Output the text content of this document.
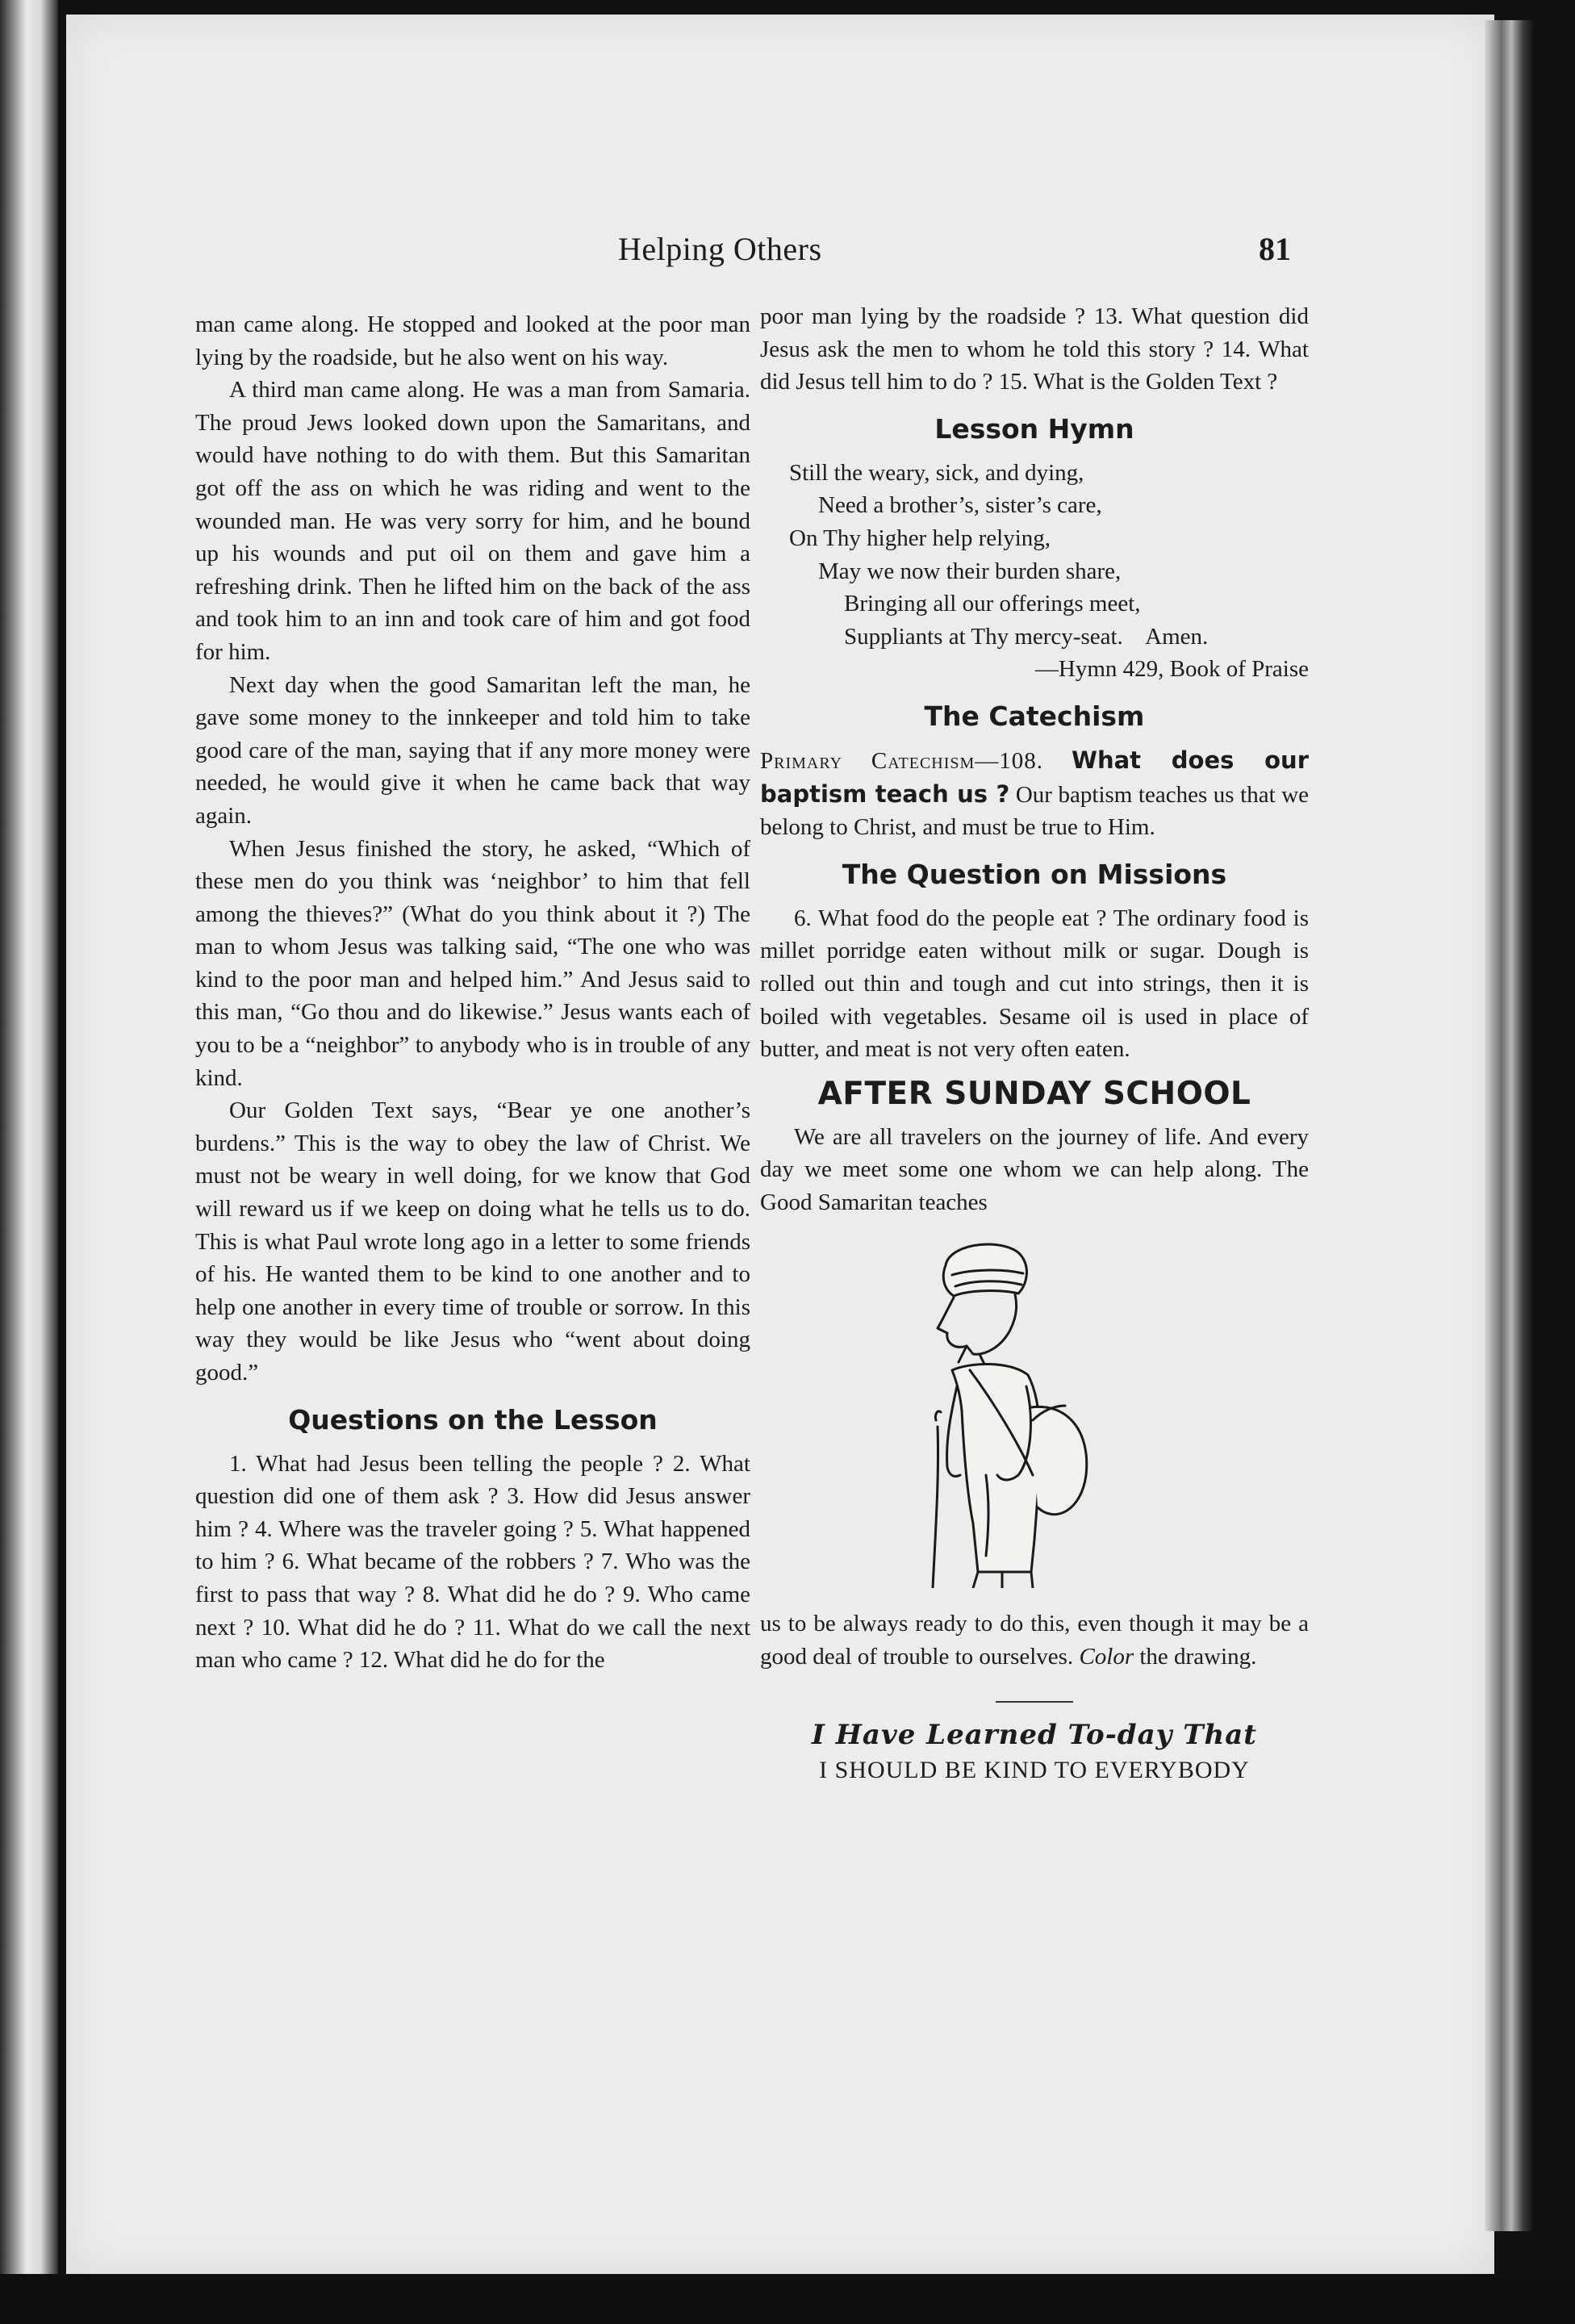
Helping Others	81

man came along. He stopped and looked at the poor man lying by the roadside, but he also went on his way.

A third man came along. He was a man from Samaria. The proud Jews looked down upon the Samaritans, and would have nothing to do with them. But this Samaritan got off the ass on which he was riding and went to the wounded man. He was very sorry for him, and he bound up his wounds and put oil on them and gave him a refreshing drink. Then he lifted him on the back of the ass and took him to an inn and took care of him and got food for him.

Next day when the good Samaritan left the man, he gave some money to the innkeeper and told him to take good care of the man, saying that if any more money were needed, he would give it when he came back that way again.

When Jesus finished the story, he asked, “Which of these men do you think was ‘neighbor’ to him that fell among the thieves?” (What do you think about it ?) The man to whom Jesus was talking said, “The one who was kind to the poor man and helped him.” And Jesus said to this man, “Go thou and do likewise.” Jesus wants each of you to be a “neighbor” to anybody who is in trouble of any kind.

Our Golden Text says, “Bear ye one another’s burdens.” This is the way to obey the law of Christ. We must not be weary in well doing, for we know that God will reward us if we keep on doing what he tells us to do. This is what Paul wrote long ago in a letter to some friends of his. He wanted them to be kind to one another and to help one another in every time of trouble or sorrow. In this way they would be like Jesus who “went about doing good.”

Questions on the Lesson

1. What had Jesus been telling the people ? 2. What question did one of them ask ? 3. How did Jesus answer him ? 4. Where was the traveler going ? 5. What happened to him ? 6. What became of the robbers ? 7. Who was the first to pass that way ? 8. What did he do ? 9. Who came next ? 10. What did he do ? 11. What do we call the next man who came ? 12. What did he do for the

poor man lying by the roadside ? 13. What question did Jesus ask the men to whom he told this story ? 14. What did Jesus tell him to do ? 15. What is the Golden Text ?

Lesson Hymn
Still the weary, sick, and dying,
Need a brother’s, sister’s care,
On Thy higher help relying,
May we now their burden share,
Bringing all our offerings meet,
Suppliants at Thy mercy-seat.    Amen.
—Hymn 429, Book of Praise
The Catechism

Primary Catechism—108. What does our baptism teach us ? Our baptism teaches us that we belong to Christ, and must be true to Him.

The Question on Missions

6. What food do the people eat ? The ordinary food is millet porridge eaten without milk or sugar. Dough is rolled out thin and tough and cut into strings, then it is boiled with vegetables. Sesame oil is used in place of butter, and meat is not very often eaten.

AFTER SUNDAY SCHOOL

We are all travelers on the journey of life. And every day we meet some one whom we can help along. The Good Samaritan teaches

us to be always ready to do this, even though it may be a good deal of trouble to ourselves. Color the drawing.

I Have Learned To-day That
I SHOULD BE KIND TO EVERYBODY
